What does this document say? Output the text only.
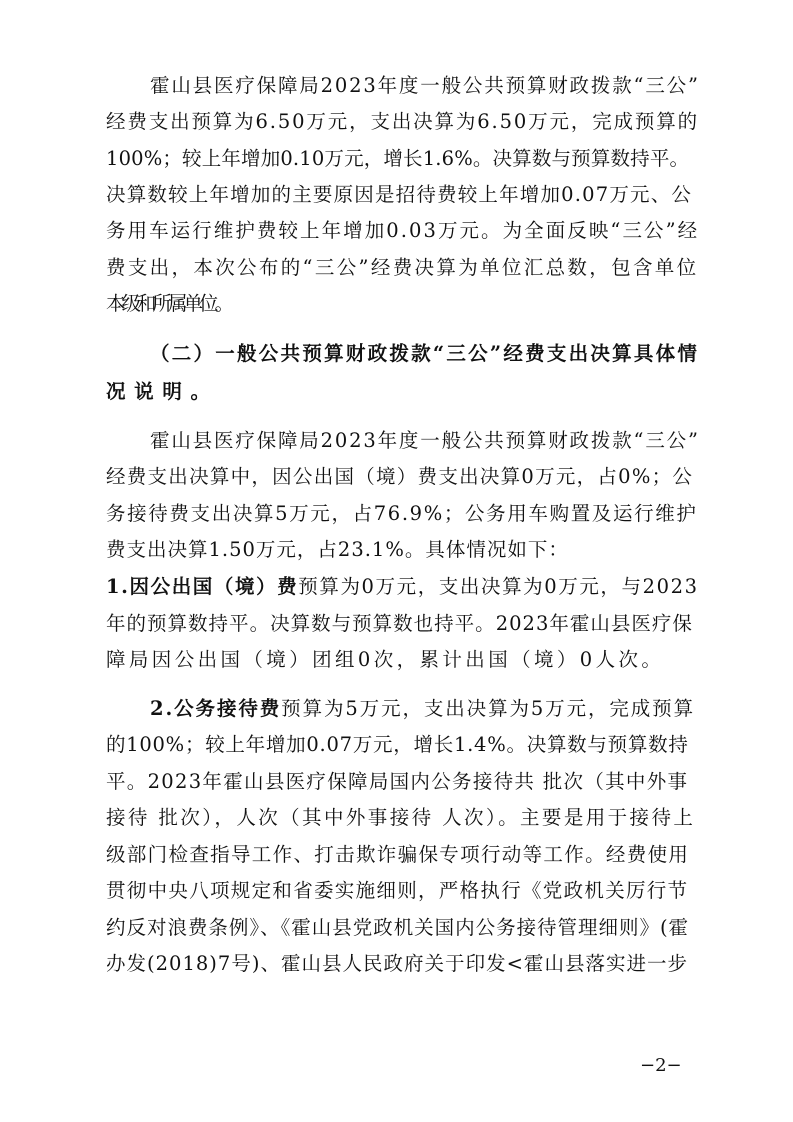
霍山县医疗保障局2023年度一般公共预算财政拨款“三公”

经费支出预算为6.50万元，支出决算为6.50万元，完成预算的

100%；较上年增加0.10万元，增长1.6%。决算数与预算数持平。

决算数较上年增加的主要原因是招待费较上年增加0.07万元、公

务用车运行维护费较上年增加0.03万元。为全面反映“三公”经

费支出，本次公布的“三公”经费决算为单位汇总数，包含单位

本级和所属单位。

（二）一般公共预算财政拨款“三公”经费支出决算具体情

况说明。

霍山县医疗保障局2023年度一般公共预算财政拨款“三公”

经费支出决算中，因公出国（境）费支出决算0万元，占0%；公

务接待费支出决算5万元，占76.9%；公务用车购置及运行维护

费支出决算1.50万元，占23.1%。具体情况如下：

1.因公出国（境）费预算为0万元，支出决算为0万元，与2023

年的预算数持平。决算数与预算数也持平。2023年霍山县医疗保

障局因公出国（境）团组0次，累计出国（境）0人次。

2.公务接待费预算为5万元，支出决算为5万元，完成预算

的100%；较上年增加0.07万元，增长1.4%。决算数与预算数持

平。2023年霍山县医疗保障局国内公务接待共 批次（其中外事

接待 批次），人次（其中外事接待 人次）。主要是用于接待上

级部门检查指导工作、打击欺诈骗保专项行动等工作。经费使用

贯彻中央八项规定和省委实施细则，严格执行《党政机关厉行节

约反对浪费条例》、《霍山县党政机关国内公务接待管理细则》(霍

办发(2018)7号)、霍山县人民政府关于印发<霍山县落实进一步

−2−
